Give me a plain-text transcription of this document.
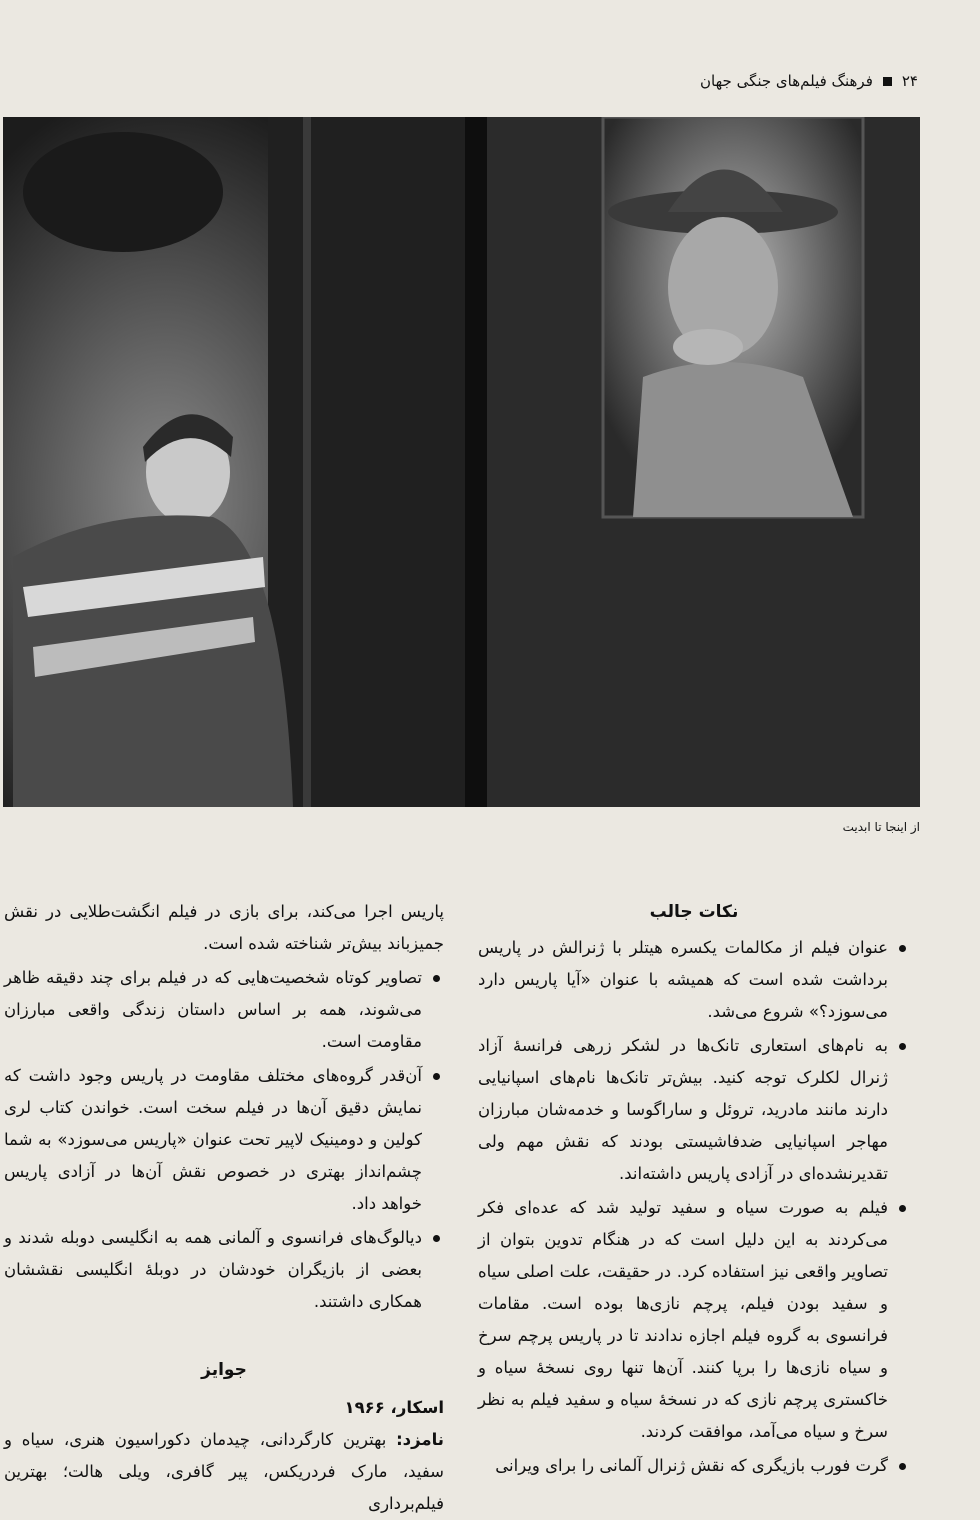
۲۴
فرهنگ فیلم‌های جنگی جهان
از اینجا تا ابدیت
نکات جالب
عنوان فیلم از مکالمات یکسره هیتلر با ژنرالش در پاریس برداشت شده است که همیشه با عنوان «آیا پاریس دارد می‌سوزد؟» شروع می‌شد.
به نام‌های استعاری تانک‌ها در لشکر زرهی فرانسهٔ آزاد ژنرال لکلرک توجه کنید. بیش‌تر تانک‌ها نام‌های اسپانیایی دارند مانند مادرید، تروئل و ساراگوسا و خدمه‌شان مبارزان مهاجر اسپانیایی ضدفاشیستی بودند که نقش مهم ولی تقدیرنشده‌ای در آزادی پاریس داشته‌اند.
فیلم به صورت سیاه و سفید تولید شد که عده‌ای فکر می‌کردند به این دلیل است که در هنگام تدوین بتوان از تصاویر واقعی نیز استفاده کرد. در حقیقت، علت اصلی سیاه و سفید بودن فیلم، پرچم نازی‌ها بوده است. مقامات فرانسوی به گروه فیلم اجازه ندادند تا در پاریس پرچم سرخ و سیاه نازی‌ها را برپا کنند. آن‌ها تنها روی نسخهٔ سیاه و خاکستری پرچم نازی که در نسخهٔ سیاه و سفید فیلم به نظر سرخ و سیاه می‌آمد، موافقت کردند.
گرت فورب بازیگری که نقش ژنرال آلمانی را برای ویرانی

پاریس اجرا می‌کند، برای بازی در فیلم انگشت‌طلایی در نقش جمیزباند بیش‌تر شناخته شده است.

تصاویر کوتاه شخصیت‌هایی که در فیلم برای چند دقیقه ظاهر می‌شوند، همه بر اساس داستان زندگی واقعی مبارزان مقاومت است.
آن‌قدر گروه‌های مختلف مقاومت در پاریس وجود داشت که نمایش دقیق آن‌ها در فیلم سخت است. خواندن کتاب لری کولین و دومینیک لاپیر تحت عنوان «پاریس می‌سوزد» به شما چشم‌انداز بهتری در خصوص نقش آن‌ها در آزادی پاریس خواهد داد.
دیالوگ‌های فرانسوی و آلمانی همه به انگلیسی دوبله شدند و بعضی از بازیگران خودشان در دوبلهٔ انگلیسی نقششان همکاری داشتند.
جوایز

اسکار، ۱۹۶۶

نامزد: بهترین کارگردانی، چیدمان دکوراسیون هنری، سیاه و سفید، مارک فردریکس، پیر گافری، ویلی هالت؛ بهترین فیلم‌برداری
